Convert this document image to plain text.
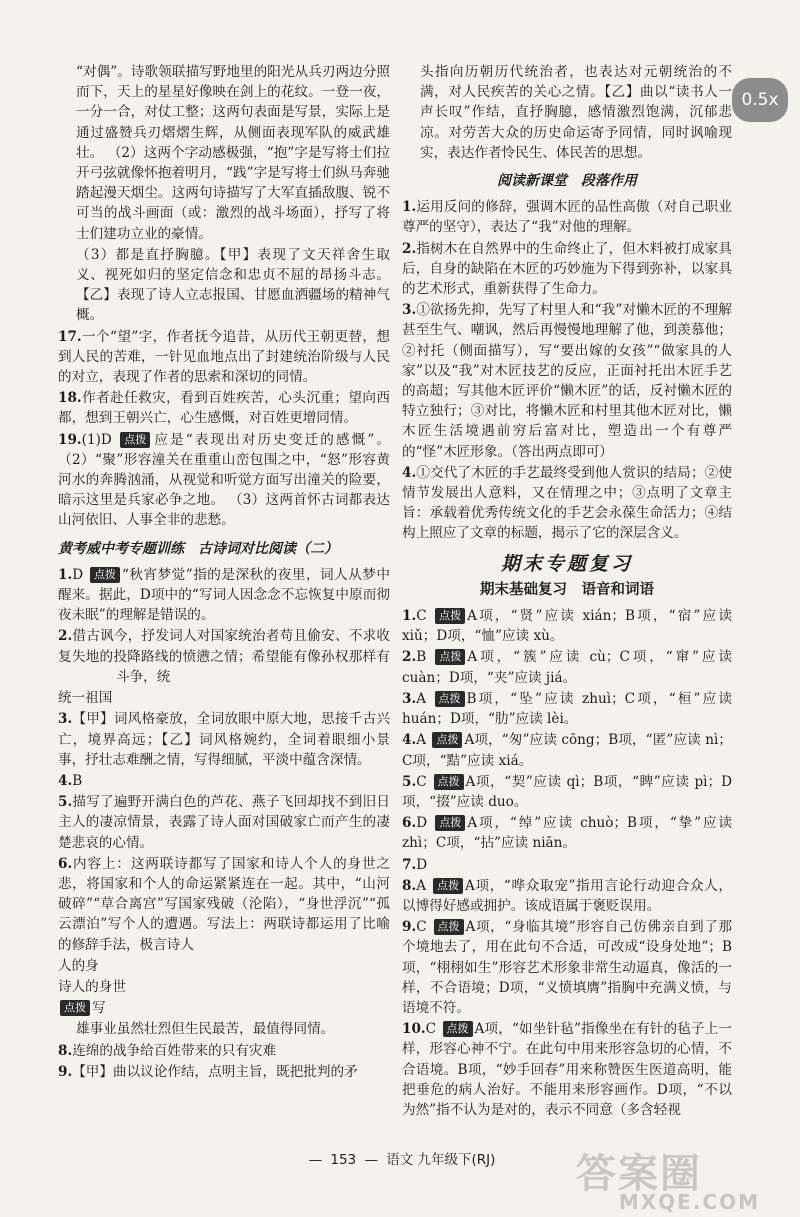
0.5x

“对偶”。诗歌领联描写野地里的阳光从兵刃两边分照而下，天上的星星好像映在剑上的花纹。一登一夜，一分一合，对仗工整；这两句表面是写景，实际上是通过盛赞兵刃熠熠生辉，从侧面表现军队的威武雄壮。 （2）这两个字动感极强，“抱”字是写将士们拉开弓弦就像怀抱着明月，“践”字是写将士们纵马奔驰踏起漫天烟尘。这两句诗描写了大军直插敌腹、锐不可当的战斗画面（或：激烈的战斗场面），抒写了将士们建功立业的豪情。

（3）都是直抒胸臆。【甲】表现了文天祥舍生取义、视死如归的坚定信念和忠贞不屈的昂扬斗志。【乙】表现了诗人立志报国、甘愿血洒疆场的精神气概。

17.一个“望”字，作者抚今追昔，从历代王朝更替，想到人民的苦难，一针见血地点出了封建统治阶级与人民的对立，表现了作者的思索和深切的同情。

18.作者赴任救灾，看到百姓疾苦，心头沉重；望向西都，想到王朝兴亡，心生感慨，对百姓更增同情。

19.(1)D 点拨 应是“表现出对历史变迁的感慨”。 （2）“聚”形容潼关在重重山峦包围之中，“怒”形容黄河水的奔腾汹涌，从视觉和听觉方面写出潼关的险要，暗示这里是兵家必争之地。 （3）这两首怀古词都表达山河依旧、人事全非的悲愁。

黄考威中考专题训练　古诗词对比阅读（二）

1.D 点拨 “秋宵梦觉”指的是深秋的夜里，词人从梦中醒来。据此，D项中的“写词人因念念不忘恢复中原而彻夜未眠”的理解是错误的。

2.借古讽今，抒发词人对国家统治者苟且偷安、不求收复失地的投降路线的愤懑之情；希望能有像孙权那样有斗争，统

统一祖国

3.【甲】词风格豪放，全词放眼中原大地，思接千古兴亡，境界高远；【乙】词风格婉约，全词着眼细小景事，抒壮志难酬之情，写得细腻，平淡中蕴含深情。

4.B

5.描写了遍野开满白色的芦花、燕子飞回却找不到旧日主人的凄凉情景，表露了诗人面对国破家亡而产生的凄楚悲哀的心情。

6.内容上：这两联诗都写了国家和诗人个人的身世之悲，将国家和个人的命运紧紧连在一起。其中，“山河破碎”“草合离宫”写国家残破（沦陷），“身世浮沉”“孤云漂泊”写个人的遭遇。写法上：两联诗都运用了比喻的修辞手法，极言诗人

人的身

诗人的身世

点拨 写

雄事业虽然壮烈但生民最苦，最值得同情。

8.连绵的战争给百姓带来的只有灾难

9.【甲】曲以议论作结，点明主旨，既把批判的矛

头指向历朝历代统治者，也表达对元朝统治的不满，对人民疾苦的关心之情。【乙】曲以“读书人一声长叹”作结，直抒胸臆，感情激烈饱满，沉郁悲凉。对劳苦大众的历史命运寄予同情，同时讽喻现实，表达作者怜民生、体民苦的思想。

阅读新课堂　段落作用

1.运用反问的修辞，强调木匠的品性高傲（对自己职业尊严的坚守），表达了“我”对他的理解。

2.指树木在自然界中的生命终止了，但木料被打成家具后，自身的缺陷在木匠的巧妙施为下得到弥补，以家具的艺术形式，重新获得了生命力。

3.①欲扬先抑，先写了村里人和“我”对懒木匠的不理解甚至生气、嘲讽，然后再慢慢地理解了他，到羡慕他；②衬托（侧面描写），写“要出嫁的女孩”“做家具的人家”以及“我”对木匠技艺的反应，正面衬托出木匠手艺的高超；写其他木匠评价“懒木匠”的话，反衬懒木匠的特立独行；③对比，将懒木匠和村里其他木匠对比，懒木匠生活境遇前穷后富对比，塑造出一个有尊严的“怪”木匠形象。（答出两点即可）

4.①交代了木匠的手艺最终受到他人赏识的结局；②使情节发展出人意料，又在情理之中；③点明了文章主旨：承载着优秀传统文化的手艺会永葆生命活力；④结构上照应了文章的标题，揭示了它的深层含义。

期末专题复习
期末基础复习　语音和词语

1.C 点拨 A项，“贤”应读 xián；B项，“宿”应读 xiǔ；D项，“恤”应读 xù。

2.B 点拨 A项，“簇”应读 cù；C项，“窜”应读 cuàn；D项，“夹”应读 jiá。

3.A 点拨 B项，“坠”应读 zhuì；C项，“桓”应读 huán；D项，“肋”应读 lèi。

4.A 点拨 A项，“匆”应读 cōng；B项，“匿”应读 nì；C项，“黠”应读 xiá。

5.C 点拨 A项，“契”应读 qì；B项，“睥”应读 pì；D项，“掇”应读 duo。

6.D 点拨 A项，“绰”应读 chuò；B项，“挚”应读 zhì；C项，“拈”应读 niān。

7.D

8.A 点拨 A项，“哗众取宠”指用言论行动迎合众人，以博得好感或拥护。该成语属于褒贬误用。

9.C 点拨 A项，“身临其境”形容自己仿佛亲自到了那个境地去了，用在此句不合适，可改成“设身处地”；B项，“栩栩如生”形容艺术形象非常生动逼真，像活的一样，不合语境；D项，“义愤填膺”指胸中充满义愤，与语境不符。

10.C 点拨 A项，“如坐针毡”指像坐在有针的毡子上一样，形容心神不宁。在此句中用来形容急切的心情，不合语境。B项，“妙手回春”用来称赞医生医道高明，能把垂危的病人治好。不能用来形容画作。D项，“不以为然”指不认为是对的，表示不同意（多含轻视

— 153 — 语文 九年级下(RJ)	答案圈
MXQE.COM
